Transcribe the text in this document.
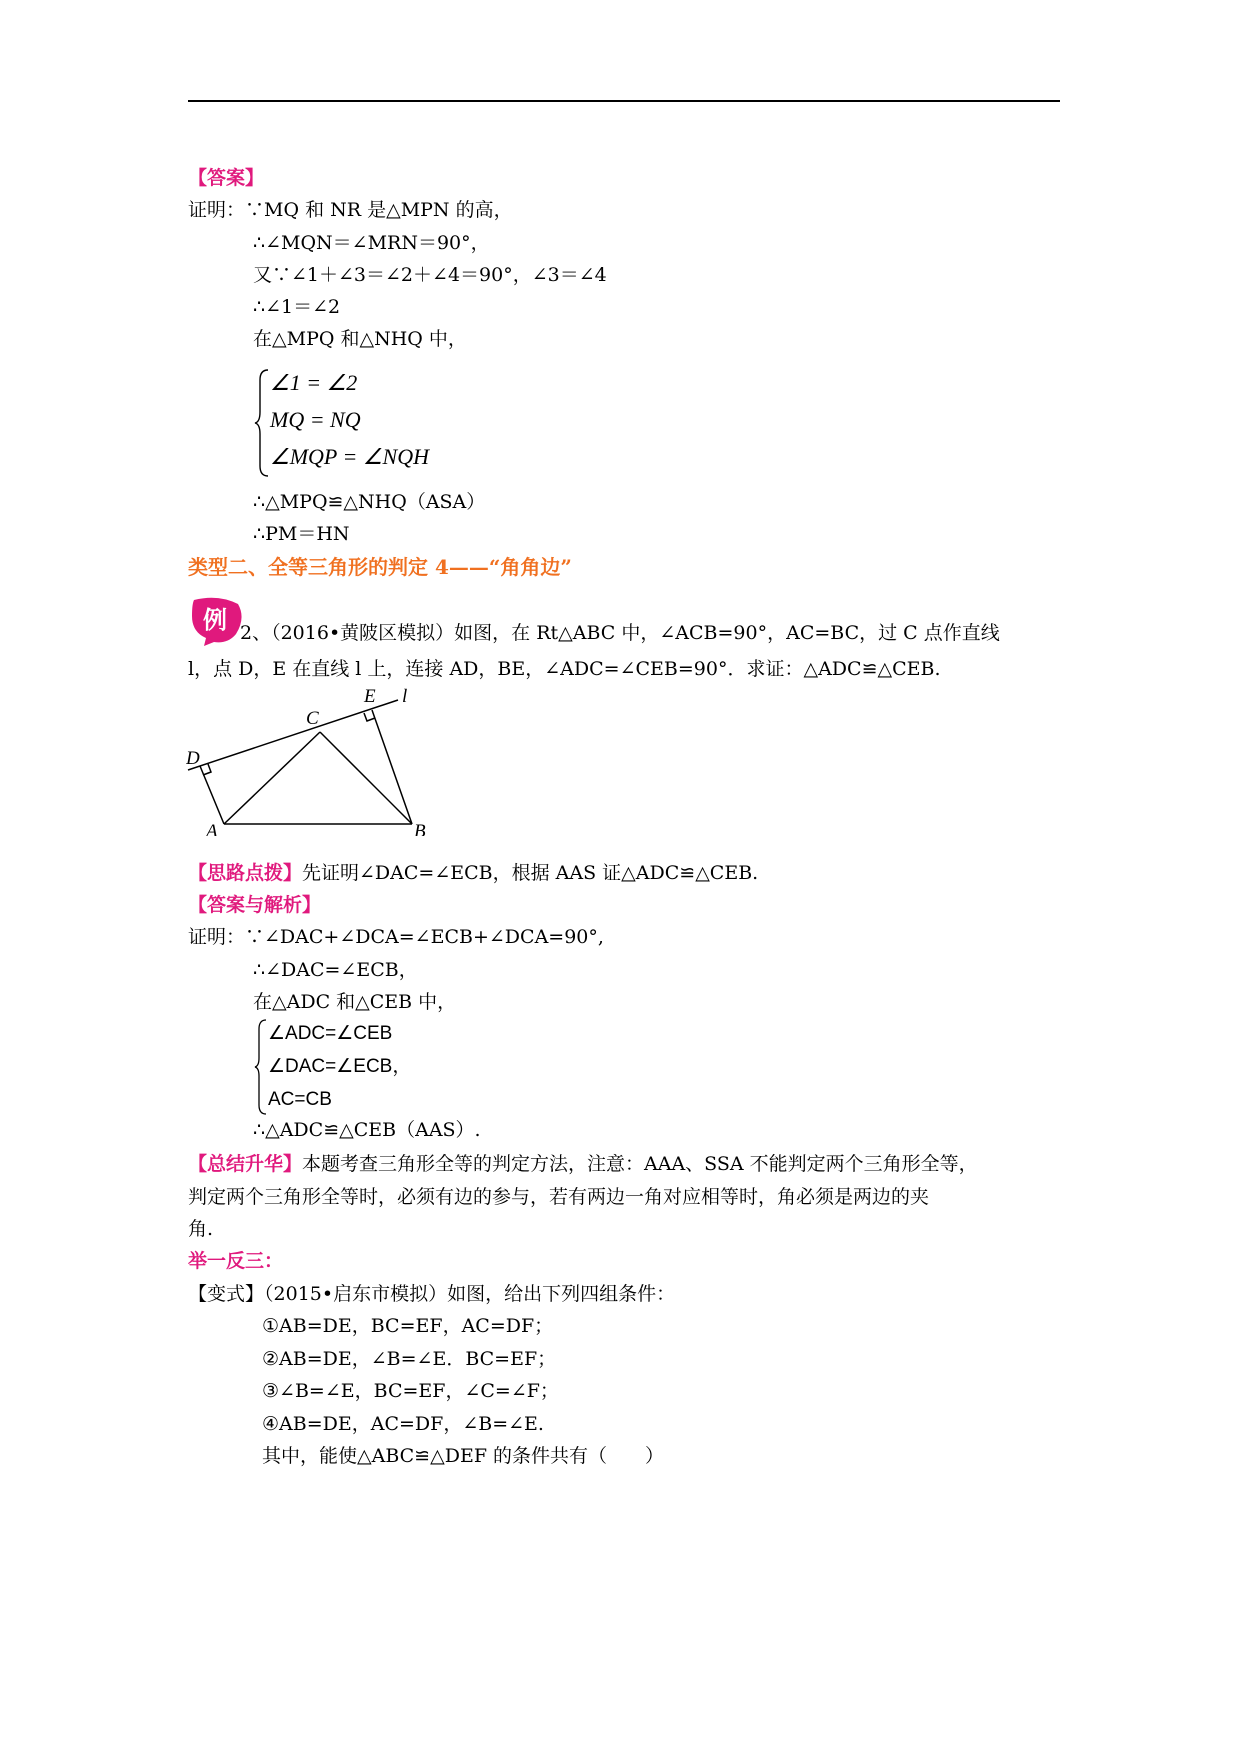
【答案】
证明：∵MQ 和 NR 是△MPN 的高，
∴∠MQN＝∠MRN＝90°，
又∵∠1＋∠3＝∠2＋∠4＝90°，∠3＝∠4
∴∠1＝∠2
在△MPQ 和△NHQ 中，
∠1 = ∠2
MQ = NQ
∠MQP = ∠NQH
∴△MPQ≌△NHQ（ASA）
∴PM＝HN
类型二、全等三角形的判定 4——“角角边”
例 2、（2016•黄陂区模拟）如图，在 Rt△ABC 中，∠ACB=90°，AC=BC，过 C 点作直线
l，点 D，E 在直线 l 上，连接 AD，BE，∠ADC=∠CEB=90°．求证：△ADC≌△CEB.
D
A
C
E l
B
【思路点拨】先证明∠DAC=∠ECB，根据 AAS 证△ADC≌△CEB.
【答案与解析】
证明：∵∠DAC+∠DCA=∠ECB+∠DCA=90°,
∴∠DAC=∠ECB，
在△ADC 和△CEB 中，
∠ADC=∠CEB
∠DAC=∠ECB，
AC=CB
∴△ADC≌△CEB（AAS）.
【总结升华】本题考查三角形全等的判定方法，注意：AAA、SSA 不能判定两个三角形全等，
判定两个三角形全等时，必须有边的参与，若有两边一角对应相等时，角必须是两边的夹
角.
举一反三：
【变式】（2015•启东市模拟）如图，给出下列四组条件：
①AB=DE，BC=EF，AC=DF；
②AB=DE，∠B=∠E．BC=EF；
③∠B=∠E，BC=EF，∠C=∠F；
④AB=DE，AC=DF，∠B=∠E.
其中，能使△ABC≌△DEF 的条件共有（　　）
